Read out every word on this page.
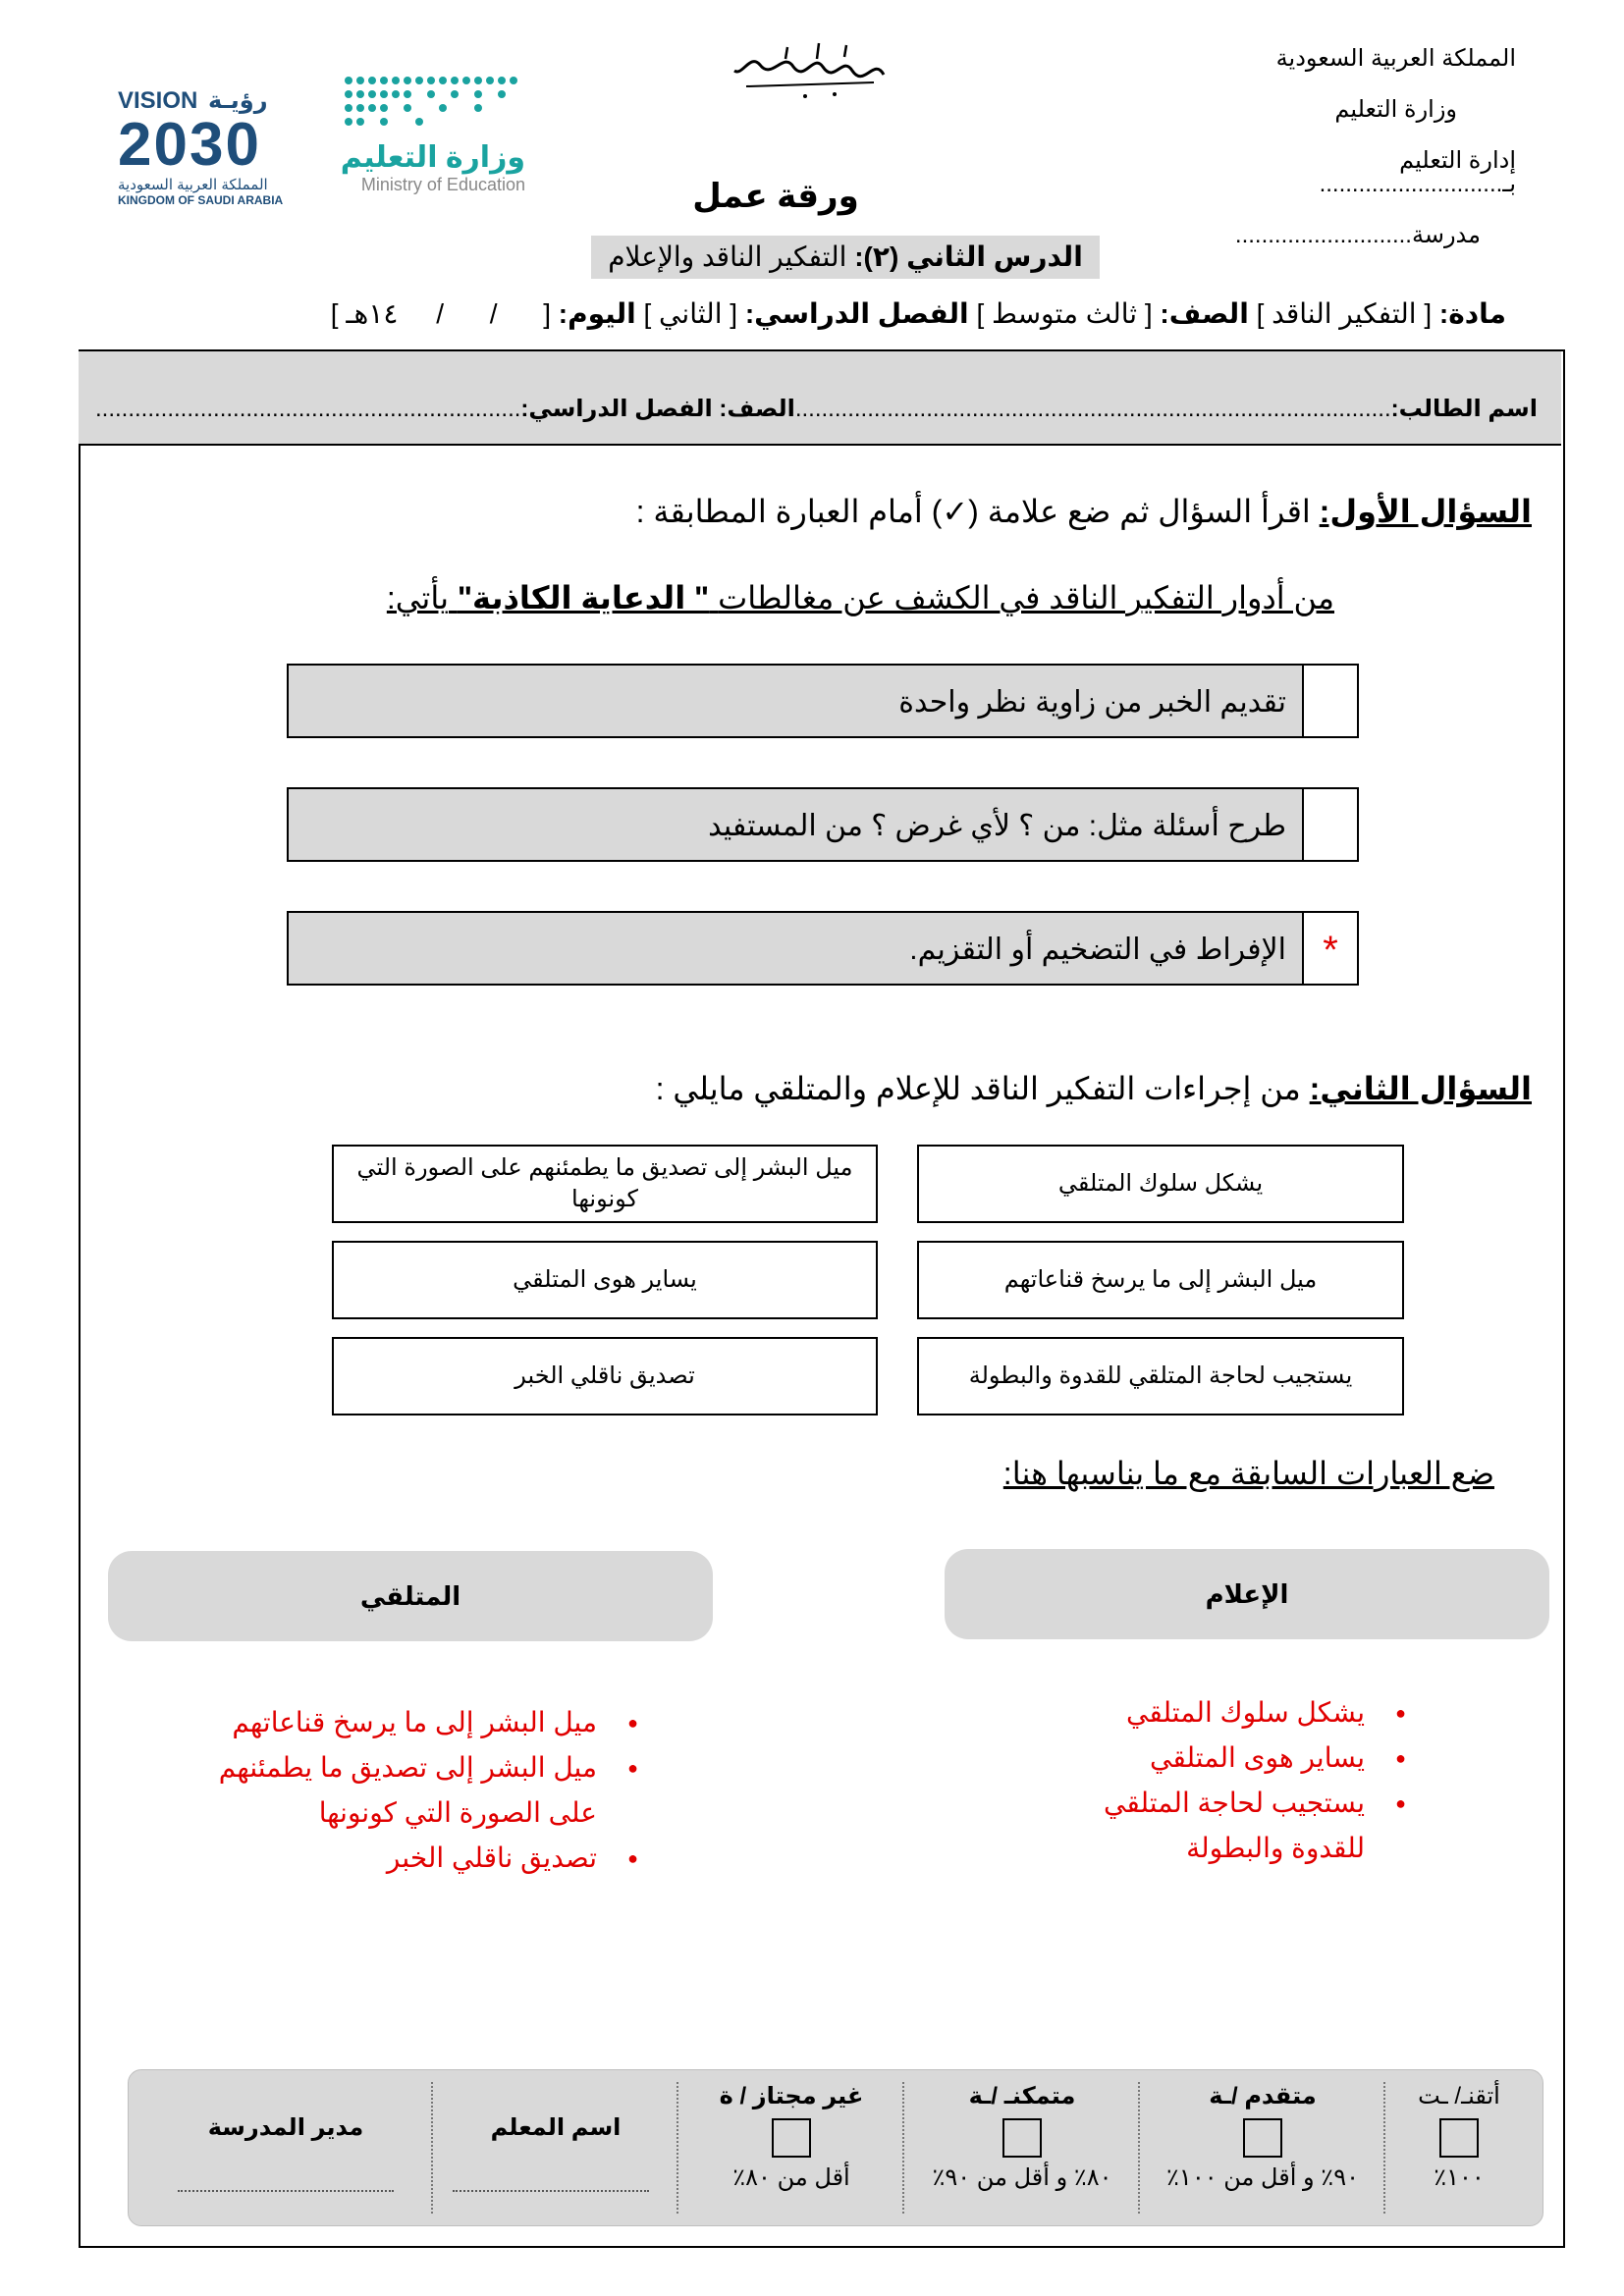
المملكة العربية السعودية
وزارة التعليم
إدارة التعليم بـ............................
مدرسة...........................
VISION رؤيـة
2030
المملكة العربية السعودية
KINGDOM OF SAUDI ARABIA
وزارة التعليم
Ministry of Education	ورقة عمل
الدرس الثاني (٢): التفكير الناقد والإعلام
مادة: [ التفكير الناقد ] الصف: [ ثالث متوسط ] الفصل الدراسي: [ الثاني ] اليوم: [      /      /     ١٤هـ ]
اسم الطالب:...........................................................................................الصف: الفصل الدراسي:.................................................................
السؤال الأول: اقرأ السؤال ثم ضع علامة (✓) أمام العبارة المطابقة :
من أدوار التفكير الناقد في الكشف عن مغالطات " الدعاية الكاذبة" يأتي:
تقديم الخبر من زاوية نظر واحدة
طرح أسئلة مثل: من ؟ لأي غرض ؟ من المستفيد
*
الإفراط في التضخيم أو التقزيم.
السؤال الثاني: من إجراءات التفكير الناقد للإعلام والمتلقي مايلي :
يشكل سلوك المتلقي
ميل البشر إلى ما يرسخ قناعاتهم
يستجيب لحاجة المتلقي للقدوة والبطولة
ميل البشر إلى تصديق ما يطمئنهم على الصورة التي كونونها
يساير هوى المتلقي
تصديق ناقلي الخبر
ضع العبارات السابقة مع ما يناسبها هنا:
الإعلام
المتلقي
● يشكل سلوك المتلقي
● يساير هوى المتلقي
● يستجيب لحاجة المتلقي للقدوة والبطولة
● ميل البشر إلى ما يرسخ قناعاتهم
● ميل البشر إلى تصديق ما يطمئنهم على الصورة التي كونونها
● تصديق ناقلي الخبر
أتقنـ/ ـت
١٠٠٪
متقدم /ـة
٩٠٪ و أقل من ١٠٠٪
متمكنـ /ـة
٨٠٪ و أقل من ٩٠٪
غير مجتاز / ة
أقل من ٨٠٪
اسم المعلم
مدير المدرسة
